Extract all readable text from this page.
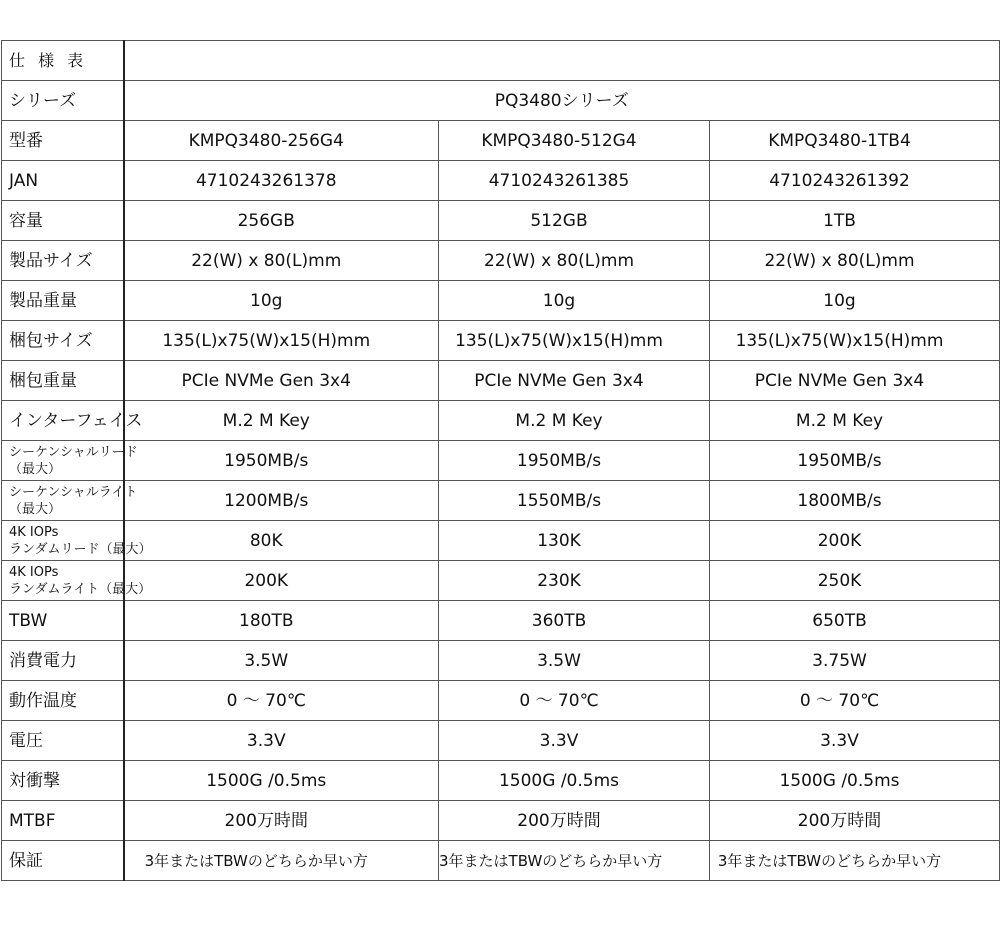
仕 様 表			
シリーズ	PQ3480シリーズ		
型番	KMPQ3480-256G4	KMPQ3480-512G4	KMPQ3480-1TB4
JAN	4710243261378	4710243261385	4710243261392
容量	256GB	512GB	1TB
製品サイズ	22(W) x 80(L)mm	22(W) x 80(L)mm	22(W) x 80(L)mm
製品重量	10g	10g	10g
梱包サイズ	135(L)x75(W)x15(H)mm	135(L)x75(W)x15(H)mm	135(L)x75(W)x15(H)mm
梱包重量	PCIe NVMe Gen 3x4	PCIe NVMe Gen 3x4	PCIe NVMe Gen 3x4
インターフェイス	M.2 M Key	M.2 M Key	M.2 M Key

シーケンシャルリード
（最大）	1950MB/s	1950MB/s	1950MB/s

シーケンシャルライト
（最大）	1200MB/s	1550MB/s	1800MB/s

4K IOPs
ランダムリード（最大）	80K	130K	200K

4K IOPs
ランダムライト（最大）	200K	230K	250K
TBW	180TB	360TB	650TB
消費電力	3.5W	3.5W	3.75W
動作温度	0 ～ 70℃	0 ～ 70℃	0 ～ 70℃
電圧	3.3V	3.3V	3.3V
対衝撃	1500G /0.5ms	1500G /0.5ms	1500G /0.5ms
MTBF	200万時間	200万時間	200万時間
保証	3年またはTBWのどちらか早い方	3年またはTBWのどちらか早い方	3年またはTBWのどちらか早い方
